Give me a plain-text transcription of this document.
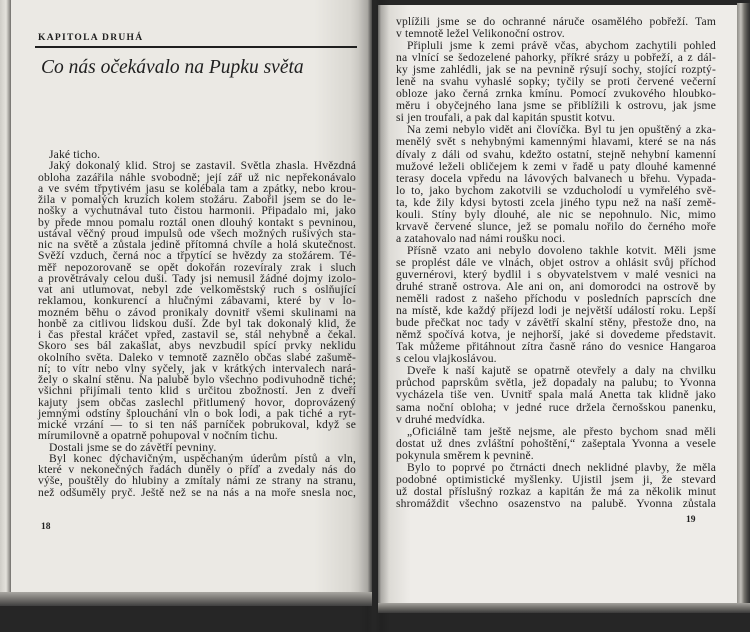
KAPITOLA DRUHÁ
Co nás očekávalo na Pupku světa
Jaké ticho.
Jaký dokonalý klid. Stroj se zastavil. Světla zhasla. Hvězdná
obloha zazářila náhle svobodně; její zář už nic nepřekonávalo
a ve svém třpytivém jasu se kolébala tam a zpátky, nebo krou-
žila v pomalých kruzích kolem stožáru. Zabořil jsem se do le-
nošky a vychutnával tuto čistou harmonii. Připadalo mi, jako
by přede mnou pomalu roztál onen dlouhý kontakt s pevninou,
ustával věčný proud impulsů ode všech možných rušivých sta-
nic na světě a zůstala jedině přítomná chvíle a holá skutečnost.
Svěží vzduch, černá noc a třpytící se hvězdy za stožárem. Té-
měř nepozorovaně se opět dokořán rozevíraly zrak i sluch
a provětrávaly celou duši. Tady jsi nemusil žádné dojmy izolo-
vat ani utlumovat, nebyl zde velkoměstský ruch s oslňující
reklamou, konkurencí a hlučnými zábavami, které by v lo-
mozném běhu o závod pronikaly dovnitř všemi skulinami na
honbě za citlivou lidskou duší. Zde byl tak dokonalý klid, že
i čas přestal kráčet vpřed, zastavil se, stál nehybně a čekal.
Skoro ses bál zakašlat, abys nevzbudil spící prvky neklidu
okolního světa. Daleko v temnotě zaznělo občas slabé zašumě-
ní; to vítr nebo vlny syčely, jak v krátkých intervalech nará-
žely o skalní stěnu. Na palubě bylo všechno podivuhodně tiché;
všichni přijímali tento klid s určitou zbožností. Jen z dveří
kajuty jsem občas zaslechl přitlumený hovor, doprovázený
jemnými odstíny šplouchání vln o bok lodi, a pak tiché a ryt-
mické vrzání — to si ten náš parníček pobrukoval, když se
mírumilovně a opatrně pohupoval v nočním tichu.
Dostali jsme se do závětří pevniny.
Byl konec dýchavičným, uspěchaným úderům pístů a vln,
které v nekonečných řadách duněly o příď a zvedaly nás do
výše, pouštěly do hlubiny a zmítaly námi ze strany na stranu,
než odšuměly pryč. Ještě než se na nás a na moře snesla noc,
18
vplížili jsme se do ochranné náruče osamělého pobřeží. Tam
v temnotě ležel Velikonoční ostrov.
Připluli jsme k zemi právě včas, abychom zachytili pohled
na vlnící se šedozelené pahorky, příkré srázy u pobřeží, a z dál-
ky jsme zahlédli, jak se na pevnině rýsují sochy, stojící rozptý-
leně na svahu vyhaslé sopky; tyčily se proti červené večerní
obloze jako černá zrnka kmínu. Pomocí zvukového hloubko-
měru i obyčejného lana jsme se přiblížili k ostrovu, jak jsme
si jen troufali, a pak dal kapitán spustit kotvu.
Na zemi nebylo vidět ani človíčka. Byl tu jen opuštěný a zka-
menělý svět s nehybnými kamennými hlavami, které se na nás
dívaly z dáli od svahu, kdežto ostatní, stejně nehybní kamenní
mužové leželi obličejem k zemi v řadě u paty dlouhé kamenné
terasy docela vpředu na lávových balvanech u břehu. Vypada-
lo to, jako bychom zakotvili se vzducholodí u vymřelého svě-
ta, kde žily kdysi bytosti zcela jiného typu než na naší země-
kouli. Stíny byly dlouhé, ale nic se nepohnulo. Nic, mimo
krvavě červené slunce, jež se pomalu nořilo do černého moře
a zatahovalo nad námi roušku noci.
Přísně vzato ani nebylo dovoleno takhle kotvit. Měli jsme
se proplést dále ve vlnách, objet ostrov a ohlásit svůj příchod
guvernérovi, který bydlil i s obyvatelstvem v malé vesnici na
druhé straně ostrova. Ale ani on, ani domorodci na ostrově by
neměli radost z našeho příchodu v posledních paprscích dne
na místě, kde každý příjezd lodi je největší událostí roku. Lepší
bude přečkat noc tady v závětří skalní stěny, přestože dno, na
němž spočívá kotva, je nejhorší, jaké si dovedeme představit.
Tak můžeme přitáhnout zítra časně ráno do vesnice Hangaroa
s celou vlajkoslávou.
Dveře k naší kajutě se opatrně otevřely a daly na chvilku
průchod paprskům světla, jež dopadaly na palubu; to Yvonna
vycházela tiše ven. Uvnitř spala malá Anetta tak klidně jako
sama noční obloha; v jedné ruce držela černošskou panenku,
v druhé medvídka.
„Oficiálně tam ještě nejsme, ale přesto bychom snad měli
dostat už dnes zvláštní pohoštění,“ zašeptala Yvonna a vesele
pokynula směrem k pevnině.
Bylo to poprvé po čtrnácti dnech neklidné plavby, že měla
podobné optimistické myšlenky. Ujistil jsem ji, že stevard
už dostal příslušný rozkaz a kapitán že má za několik minut
shromáždit všechno osazenstvo na palubě. Yvonna zůstala
19
